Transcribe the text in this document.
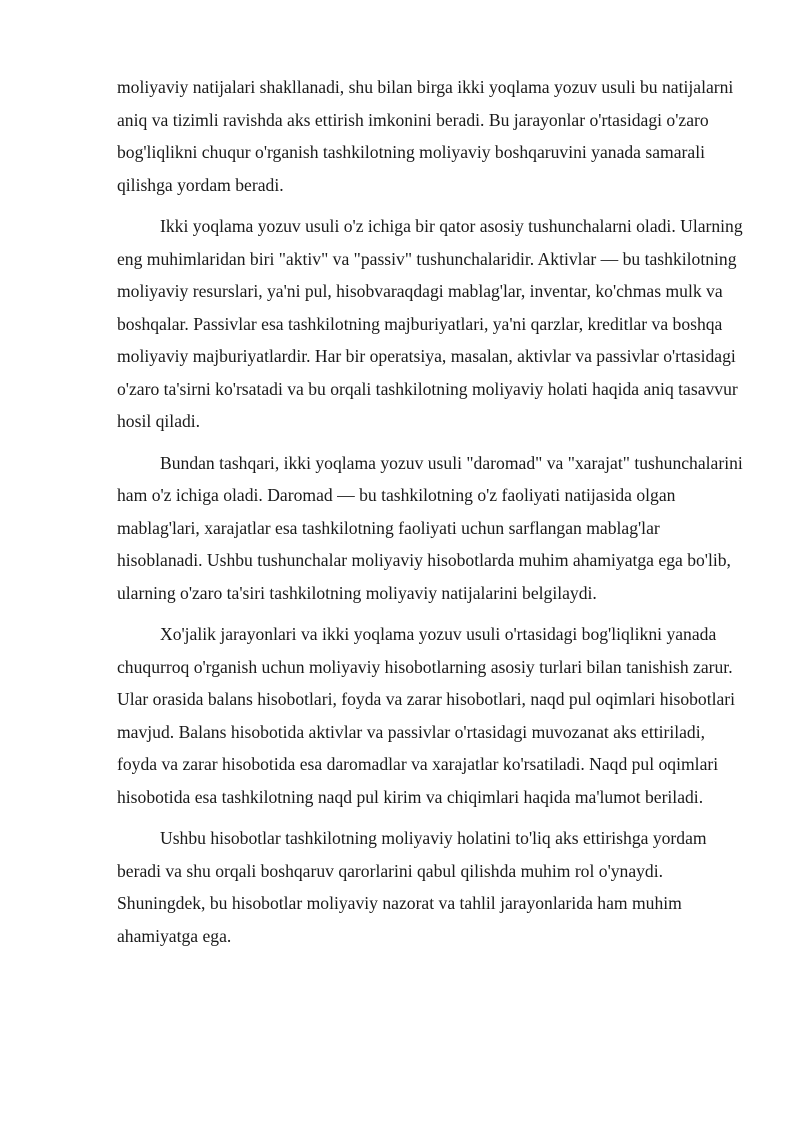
moliyaviy natijalari shakllanadi, shu bilan birga ikki yoqlama yozuv usuli bu natijalarni aniq va tizimli ravishda aks ettirish imkonini beradi. Bu jarayonlar o'rtasidagi o'zaro bog'liqlikni chuqur o'rganish tashkilotning moliyaviy boshqaruvini yanada samarali qilishga yordam beradi.

Ikki yoqlama yozuv usuli o'z ichiga bir qator asosiy tushunchalarni oladi. Ularning eng muhimlaridan biri "aktiv" va "passiv" tushunchalaridir. Aktivlar — bu tashkilotning moliyaviy resurslari, ya'ni pul, hisobvaraqdagi mablag'lar, inventar, ko'chmas mulk va boshqalar. Passivlar esa tashkilotning majburiyatlari, ya'ni qarzlar, kreditlar va boshqa moliyaviy majburiyatlardir. Har bir operatsiya, masalan, aktivlar va passivlar o'rtasidagi o'zaro ta'sirni ko'rsatadi va bu orqali tashkilotning moliyaviy holati haqida aniq tasavvur hosil qiladi.

Bundan tashqari, ikki yoqlama yozuv usuli "daromad" va "xarajat" tushunchalarini ham o'z ichiga oladi. Daromad — bu tashkilotning o'z faoliyati natijasida olgan mablag'lari, xarajatlar esa tashkilotning faoliyati uchun sarflangan mablag'lar hisoblanadi. Ushbu tushunchalar moliyaviy hisobotlarda muhim ahamiyatga ega bo'lib, ularning o'zaro ta'siri tashkilotning moliyaviy natijalarini belgilaydi.

Xo'jalik jarayonlari va ikki yoqlama yozuv usuli o'rtasidagi bog'liqlikni yanada chuqurroq o'rganish uchun moliyaviy hisobotlarning asosiy turlari bilan tanishish zarur. Ular orasida balans hisobotlari, foyda va zarar hisobotlari, naqd pul oqimlari hisobotlari mavjud. Balans hisobotida aktivlar va passivlar o'rtasidagi muvozanat aks ettiriladi, foyda va zarar hisobotida esa daromadlar va xarajatlar ko'rsatiladi. Naqd pul oqimlari hisobotida esa tashkilotning naqd pul kirim va chiqimlari haqida ma'lumot beriladi.

Ushbu hisobotlar tashkilotning moliyaviy holatini to'liq aks ettirishga yordam beradi va shu orqali boshqaruv qarorlarini qabul qilishda muhim rol o'ynaydi. Shuningdek, bu hisobotlar moliyaviy nazorat va tahlil jarayonlarida ham muhim ahamiyatga ega.
